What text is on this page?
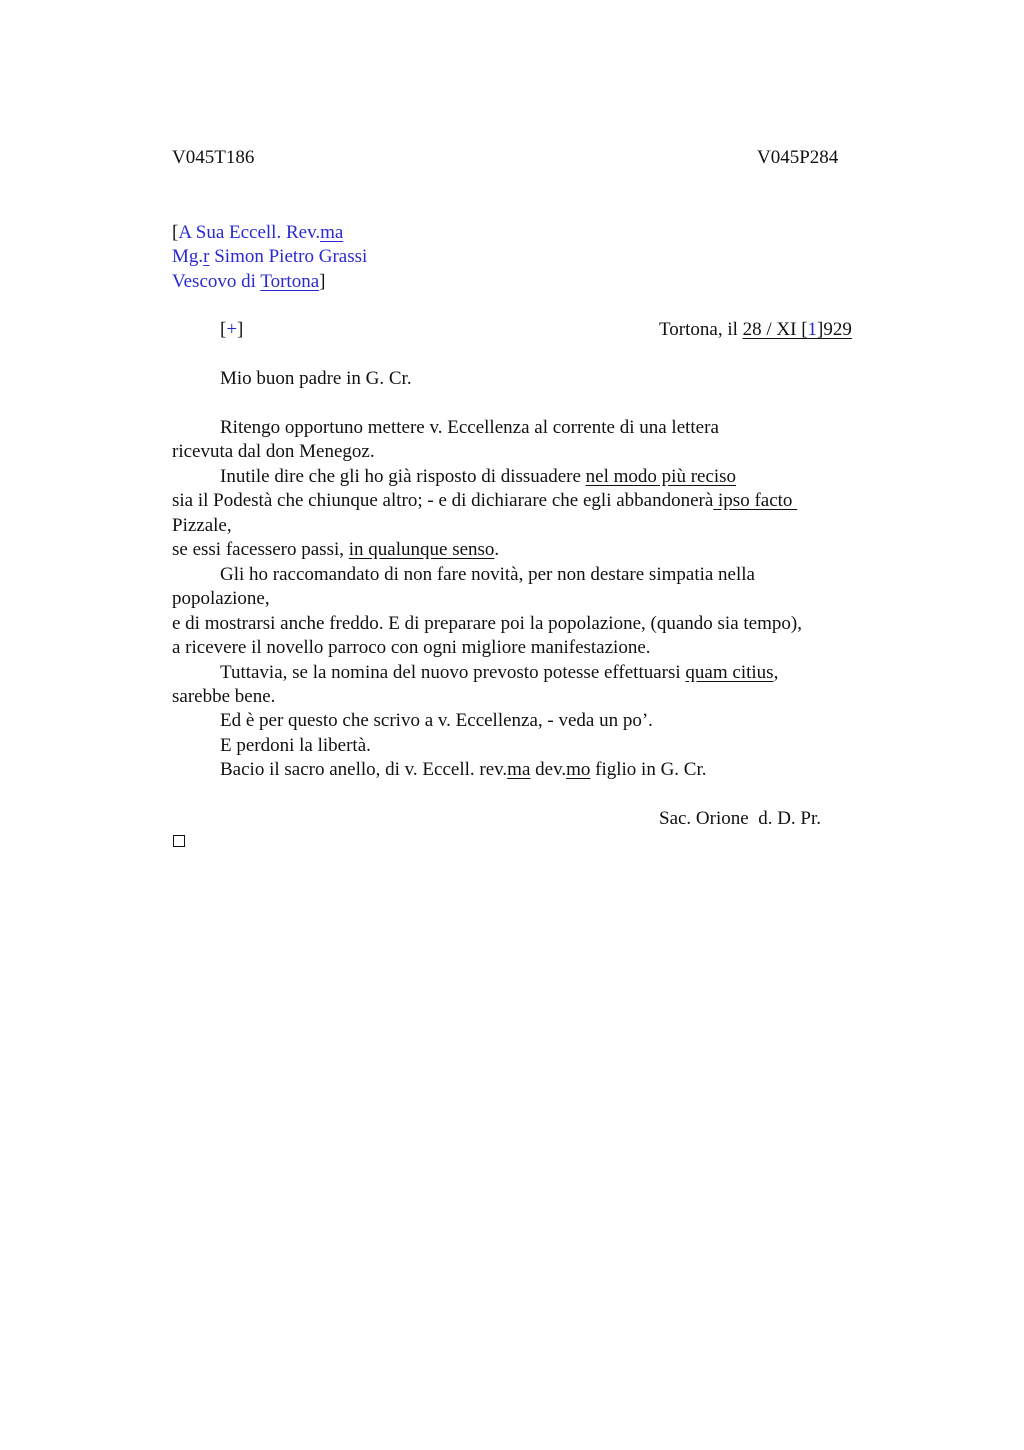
V045T186	V045P284
[A Sua Eccell. Rev.ma
Mg.r Simon Pietro Grassi
Vescovo di Tortona]
[+]	Tortona, il 28 / XI [1]929
Mio buon padre in G. Cr.
Ritengo opportuno mettere v. Eccellenza al corrente di una lettera
ricevuta dal don Menegoz.
Inutile dire che gli ho già risposto di dissuadere nel modo più reciso
sia il Podestà che chiunque altro; - e di dichiarare che egli abbandonerà ipso facto
Pizzale,
se essi facessero passi, in qualunque senso.
Gli ho raccomandato di non fare novità, per non destare simpatia nella
popolazione,
e di mostrarsi anche freddo. E di preparare poi la popolazione, (quando sia tempo),
a ricevere il novello parroco con ogni migliore manifestazione.
Tuttavia, se la nomina del nuovo prevosto potesse effettuarsi quam citius,
sarebbe bene.
Ed è per questo che scrivo a v. Eccellenza, - veda un po’.
E perdoni la libertà.
Bacio il sacro anello, di v. Eccell. rev.ma dev.mo figlio in G. Cr.
Sac. Orione  d. D. Pr.
